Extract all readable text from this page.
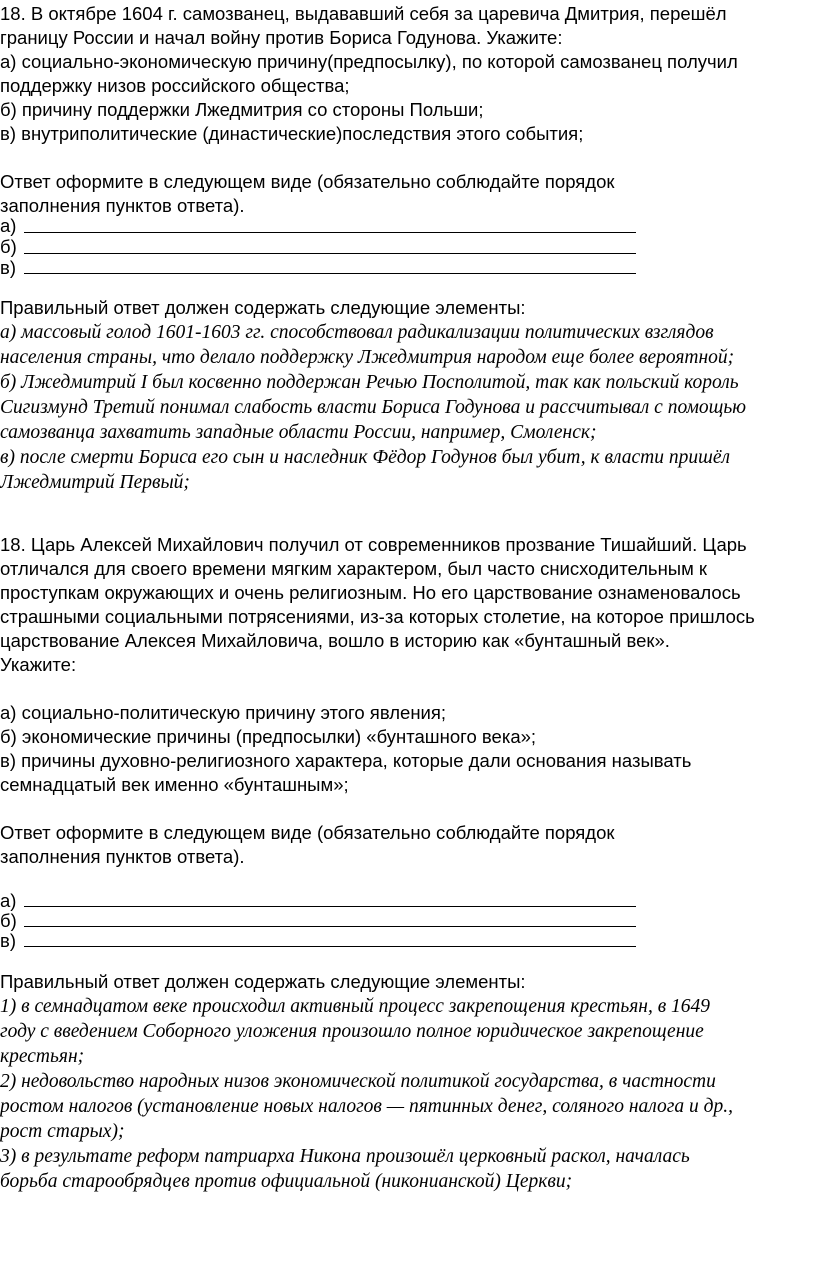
18. В октябре 1604 г. самозванец, выдававший себя за царевича Дмитрия, перешёл
границу России и начал войну против Бориса Годунова. Укажите:
а) социально-экономическую причину(предпосылку), по которой самозванец получил
поддержку низов российского общества;
б) причину поддержки Лжедмитрия со стороны Польши;
в) внутриполитические (династические)последствия этого события;
Ответ оформите в следующем виде (обязательно соблюдайте порядок
заполнения пунктов ответа).
а)
б)
в)
Правильный ответ должен содержать следующие элементы:
а) массовый голод 1601-1603 гг. способствовал радикализации политических взглядов
населения страны, что делало поддержку Лжедмитрия народом еще более вероятной;
б) Лжедмитрий I был косвенно поддержан Речью Посполитой, так как польский король
Сигизмунд Третий понимал слабость власти Бориса Годунова и рассчитывал с помощью
самозванца захватить западные области России, например, Смоленск;
в) после смерти Бориса его сын и наследник Фёдор Годунов был убит, к власти пришёл
Лжедмитрий Первый;
18. Царь Алексей Михайлович получил от современников прозвание Тишайший. Царь
отличался для своего времени мягким характером, был часто снисходительным к
проступкам окружающих и очень религиозным. Но его царствование ознаменовалось
страшными социальными потрясениями, из-за которых столетие, на которое пришлось
царствование Алексея Михайловича, вошло в историю как «бунташный век».
Укажите:
а) социально-политическую причину этого явления;
б) экономические причины (предпосылки) «бунташного века»;
в) причины духовно-религиозного характера, которые дали основания называть
семнадцатый век именно «бунташным»;
Ответ оформите в следующем виде (обязательно соблюдайте порядок
заполнения пунктов ответа).
а)
б)
в)
Правильный ответ должен содержать следующие элементы:
1) в семнадцатом веке происходил активный процесс закрепощения крестьян, в 1649
году с введением Соборного уложения произошло полное юридическое закрепощение
крестьян;
2) недовольство народных низов экономической политикой государства, в частности
ростом налогов (установление новых налогов — пятинных денег, соляного налога и др.,
рост старых);
3) в результате реформ патриарха Никона произошёл церковный раскол, началась
борьба старообрядцев против официальной (никонианской) Церкви;
